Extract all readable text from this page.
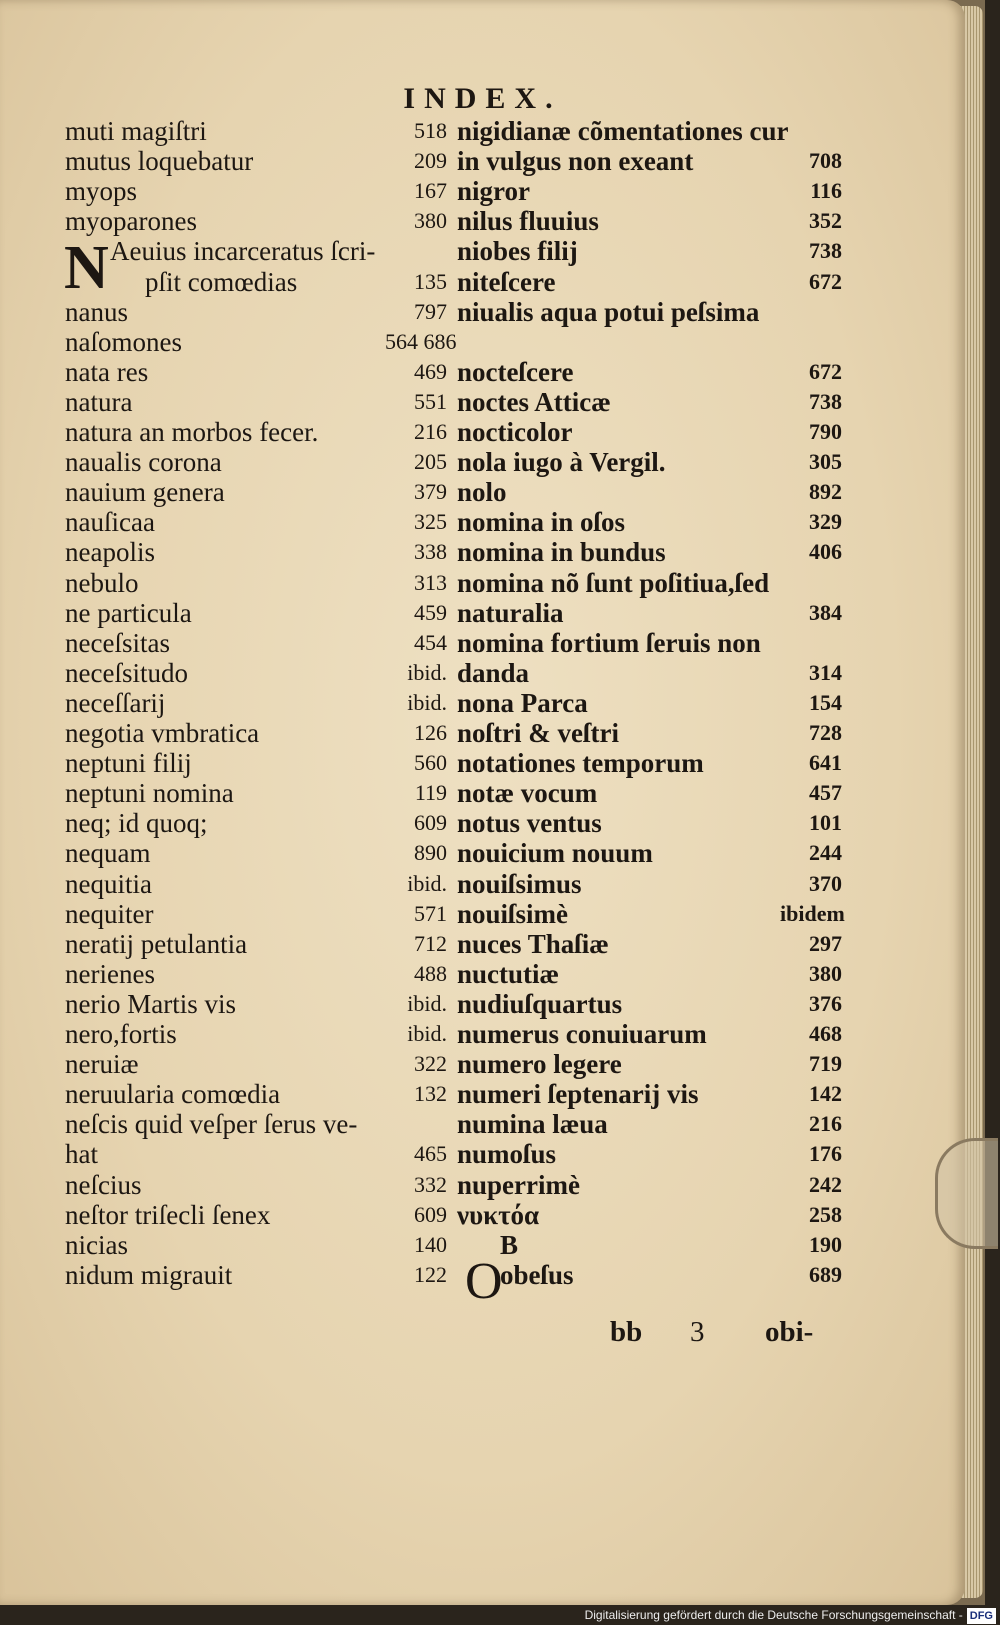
INDEX.
muti magiſtri	518
mutus loquebatur	209
myops	167
myoparones	380
Aeuius incarceratus ſcri-
pſit comœdias	135
nanus	797
naſomones	564 686
nata res	469
natura	551
natura an morbos fecer.	216
naualis corona	205
nauium genera	379
nauſicaa	325
neapolis	338
nebulo	313
ne particula	459
neceſsitas	454
neceſsitudo	ibid.
neceſſarij	ibid.
negotia vmbratica	126
neptuni filij	560
neptuni nomina	119
neq; id quoq;	609
nequam	890
nequitia	ibid.
nequiter	571
neratij petulantia	712
nerienes	488
nerio Martis vis	ibid.
nero,fortis	ibid.
neruiæ	322
neruularia comœdia	132
neſcis quid veſper ſerus ve-
hat	465
neſcius	332
neſtor triſecli ſenex	609
nicias	140
nidum migrauit	122
nigidianæ cõmentationes cur
in vulgus non exeant	708
nigror	116
nilus fluuius	352
niobes filij	738
niteſcere	672
niualis aqua potui peſsima
nocteſcere	672
noctes Atticæ	738
nocticolor	790
nola iugo à Vergil.	305
nolo	892
nomina in oſos	329
nomina in bundus	406
nomina nõ ſunt poſitiua,ſed
naturalia	384
nomina fortium ſeruis non
danda	314
nona Parca	154
noſtri & veſtri	728
notationes temporum	641
notæ vocum	457
notus ventus	101
nouicium nouum	244
nouiſsimus	370
nouiſsimè	ibidem
nuces Thaſiæ	297
nuctutiæ	380
nudiuſquartus	376
numerus conuiuarum	468
numero legere	719
numeri ſeptenarij vis	142
numina læua	216
numoſus	176
nuperrimè	242
νυκτόα	258
B	190
obeſus	689
N
O
bb 3 obi-
Digitalisierung gefördert durch die Deutsche Forschungsgemeinschaft - DFG
